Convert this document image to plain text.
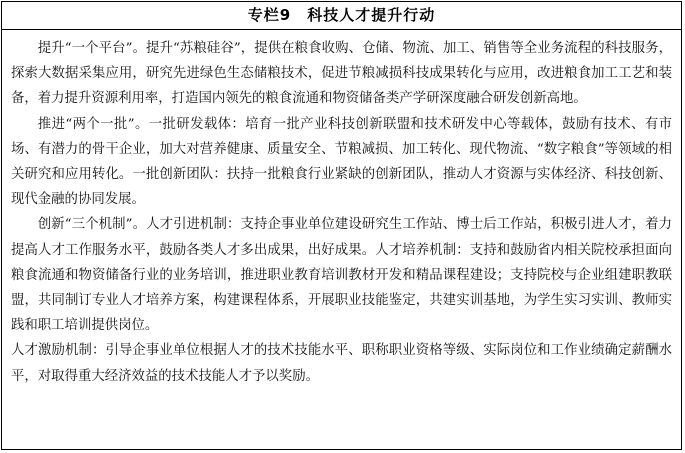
专栏9　科技人才提升行动

提升“一个平台”。提升“苏粮硅谷”，提供在粮食收购、仓储、物流、加工、销售等全业务流程的科技服务，探索大数据采集应用，研究先进绿色生态储粮技术，促进节粮减损科技成果转化与应用，改进粮食加工工艺和装备，着力提升资源利用率，打造国内领先的粮食流通和物资储备类产学研深度融合研发创新高地。

推进“两个一批”。一批研发载体：培育一批产业科技创新联盟和技术研发中心等载体，鼓励有技术、有市场、有潜力的骨干企业，加大对营养健康、质量安全、节粮减损、加工转化、现代物流、“数字粮食”等领域的相关研究和应用转化。一批创新团队：扶持一批粮食行业紧缺的创新团队，推动人才资源与实体经济、科技创新、现代金融的协同发展。

创新“三个机制”。人才引进机制：支持企事业单位建设研究生工作站、博士后工作站，积极引进人才，着力提高人才工作服务水平，鼓励各类人才多出成果，出好成果。人才培养机制：支持和鼓励省内相关院校承担面向粮食流通和物资储备行业的业务培训，推进职业教育培训教材开发和精品课程建设；支持院校与企业组建职教联盟，共同制订专业人才培养方案，构建课程体系，开展职业技能鉴定，共建实训基地，为学生实习实训、教师实践和职工培训提供岗位。

人才激励机制：引导企事业单位根据人才的技术技能水平、职称职业资格等级、实际岗位和工作业绩确定薪酬水平，对取得重大经济效益的技术技能人才予以奖励。
